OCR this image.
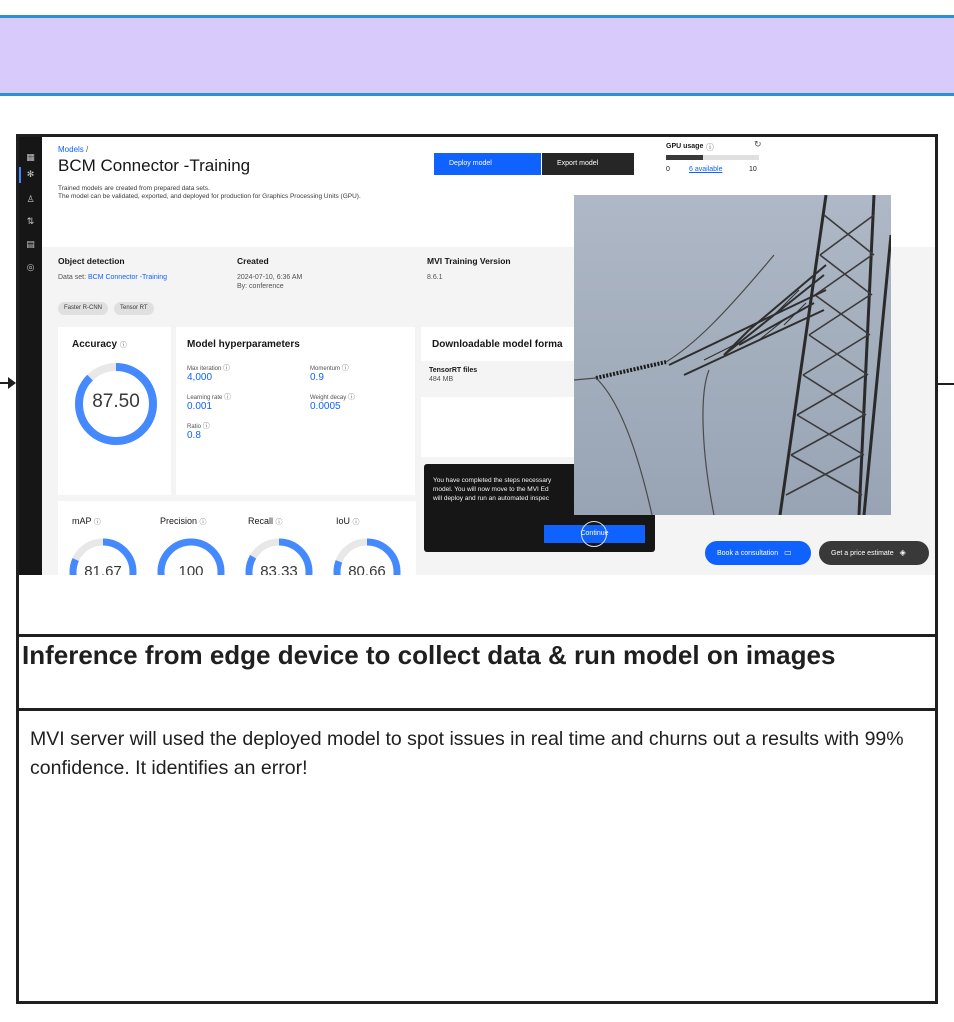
▦
✻
♙
⇅
▤
◎
Models /
BCM Connector -Training
Trained models are created from prepared data sets.
The model can be validated, exported, and deployed for production for Graphics Processing Units (GPU).
Deploy model	Export model
GPU usage ⓘ	↻
0	6 available	10
Object detection
Data set: BCM Connector -Training
Created
2024-07-10, 6:36 AM
By: conference
MVI Training Version
8.6.1
Faster R-CNN	Tensor RT
Accuracy ⓘ
87.50
Model hyperparameters
Max iteration ⓘ
4,000
Momentum ⓘ
0.9
Learning rate ⓘ
0.001
Weight decay ⓘ
0.0005
Ratio ⓘ
0.8
Downloadable model forma
TensorRT files
484 MB
mAP ⓘ	Precision ⓘ	Recall ⓘ	IoU ⓘ
81.67	100	83.33	80.66
You have completed the steps necessary
model. You will now move to the MVI Ed
will deploy and run an automated inspec
Continue
Book a consultation ▭	Get a price estimate ◈
Inference from edge device to collect data & run model on images
MVI server will used the deployed model to spot issues in real time and churns out a results with 99% confidence. It identifies an error!
